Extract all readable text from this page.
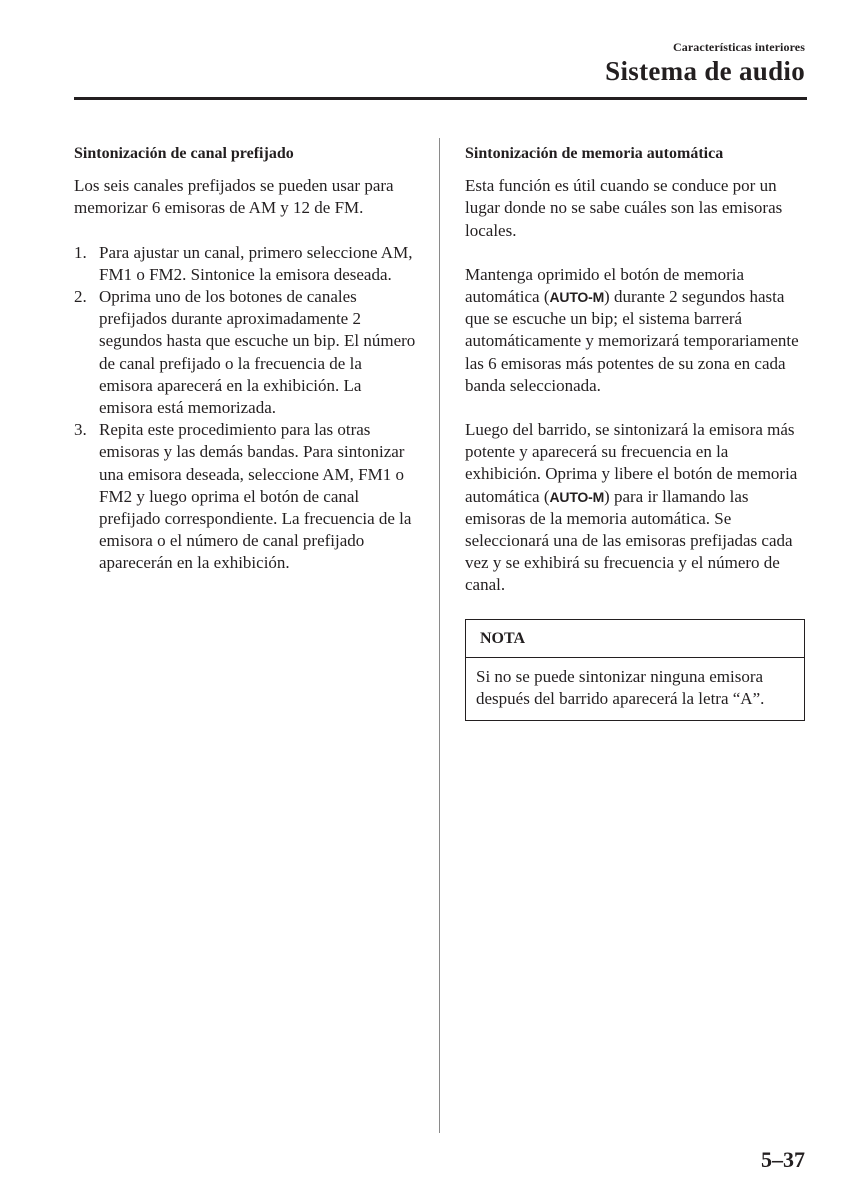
Características interiores
Sistema de audio
Sintonización de canal prefijado

Los seis canales prefijados se pueden usar para memorizar 6 emisoras de AM y 12 de FM.

1. Para ajustar un canal, primero seleccione AM, FM1 o FM2. Sintonice la emisora deseada.
2. Oprima uno de los botones de canales prefijados durante aproximadamente 2 segundos hasta que escuche un bip. El número de canal prefijado o la frecuencia de la emisora aparecerá en la exhibición. La emisora está memorizada.
3. Repita este procedimiento para las otras emisoras y las demás bandas. Para sintonizar una emisora deseada, seleccione AM, FM1 o FM2 y luego oprima el botón de canal prefijado correspondiente. La frecuencia de la emisora o el número de canal prefijado aparecerán en la exhibición.
Sintonización de memoria automática

Esta función es útil cuando se conduce por un lugar donde no se sabe cuáles son las emisoras locales.

Mantenga oprimido el botón de memoria automática (AUTO-M) durante 2 segundos hasta que se escuche un bip; el sistema barrerá automáticamente y memorizará temporariamente las 6 emisoras más potentes de su zona en cada banda seleccionada.

Luego del barrido, se sintonizará la emisora más potente y aparecerá su frecuencia en la exhibición. Oprima y libere el botón de memoria automática (AUTO-M) para ir llamando las emisoras de la memoria automática. Se seleccionará una de las emisoras prefijadas cada vez y se exhibirá su frecuencia y el número de canal.

NOTA
Si no se puede sintonizar ninguna emisora después del barrido aparecerá la letra “A”.
5–37
